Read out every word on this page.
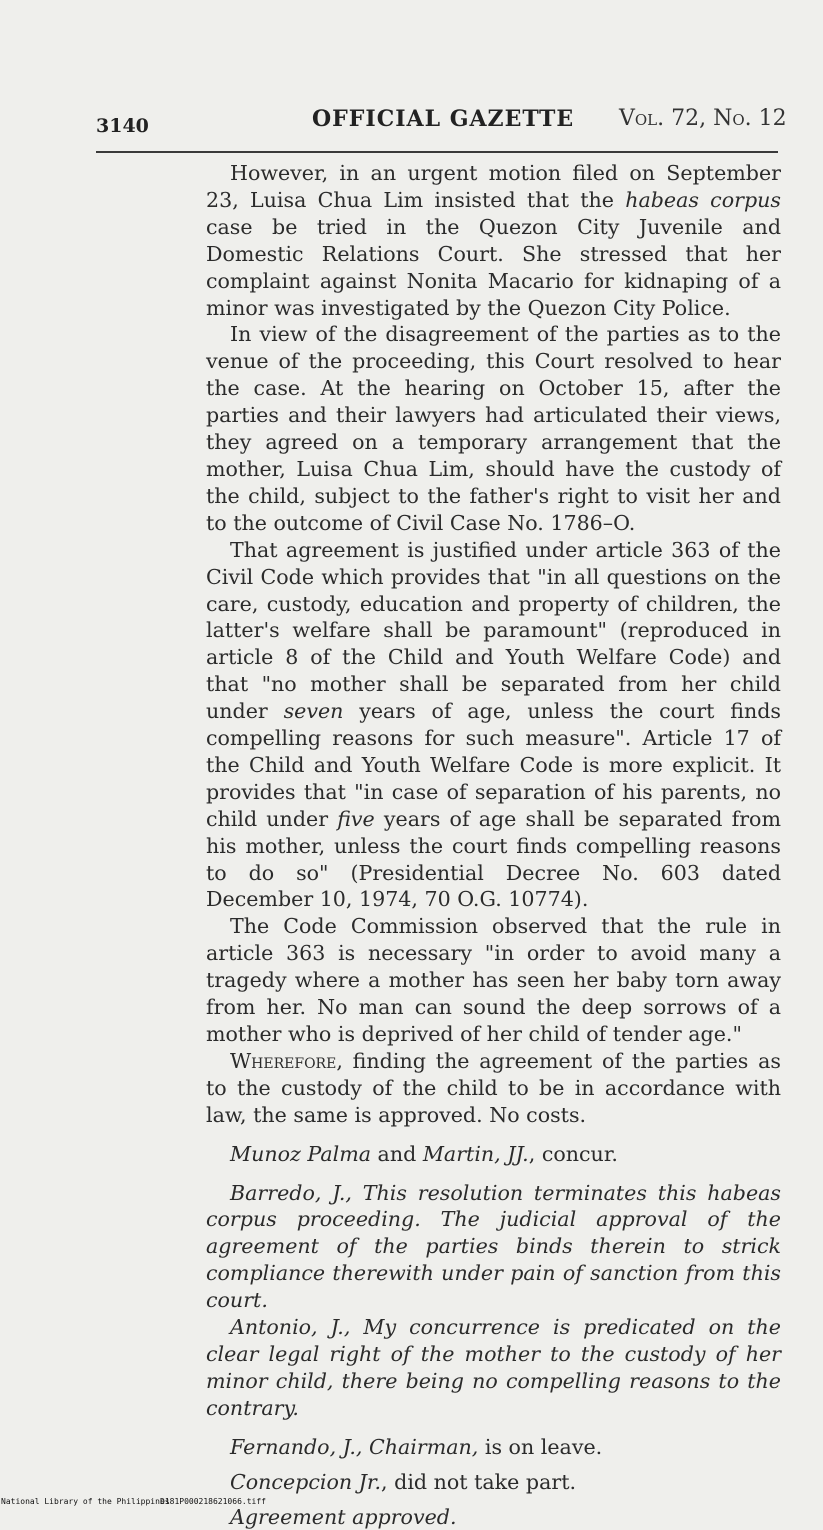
3140	OFFICIAL GAZETTE Vol. 72, No. 12

However, in an urgent motion filed on September 23, Luisa Chua Lim insisted that the habeas corpus case be tried in the Quezon City Juvenile and Domestic Relations Court. She stressed that her complaint against Nonita Macario for kidnaping of a minor was investigated by the Quezon City Police.

In view of the disagreement of the parties as to the venue of the proceeding, this Court resolved to hear the case. At the hearing on October 15, after the parties and their lawyers had articulated their views, they agreed on a temporary arrangement that the mother, Luisa Chua Lim, should have the custody of the child, subject to the father's right to visit her and to the outcome of Civil Case No. 1786–O.

That agreement is justified under article 363 of the Civil Code which provides that "in all questions on the care, custody, education and property of children, the latter's welfare shall be paramount" (reproduced in article 8 of the Child and Youth Welfare Code) and that "no mother shall be separated from her child under seven years of age, unless the court finds compelling reasons for such measure". Article 17 of the Child and Youth Welfare Code is more explicit. It provides that "in case of separation of his parents, no child under five years of age shall be separated from his mother, unless the court finds compelling reasons to do so" (Presidential Decree No. 603 dated December 10, 1974, 70 O.G. 10774).

The Code Commission observed that the rule in article 363 is necessary "in order to avoid many a tragedy where a mother has seen her baby torn away from her. No man can sound the deep sorrows of a mother who is deprived of her child of tender age."

Wherefore, finding the agreement of the parties as to the custody of the child to be in accordance with law, the same is approved. No costs.

Munoz Palma and Martin, JJ., concur.

Barredo, J., This resolution terminates this habeas corpus proceeding. The judicial approval of the agreement of the parties binds therein to strick compliance therewith under pain of sanction from this court.

Antonio, J., My concurrence is predicated on the clear legal right of the mother to the custody of her minor child, there being no compelling reasons to the contrary.

Fernando, J., Chairman, is on leave.

Concepcion Jr., did not take part.

Agreement approved.

National Library of the Philippines
D181P000218621066.tiff
